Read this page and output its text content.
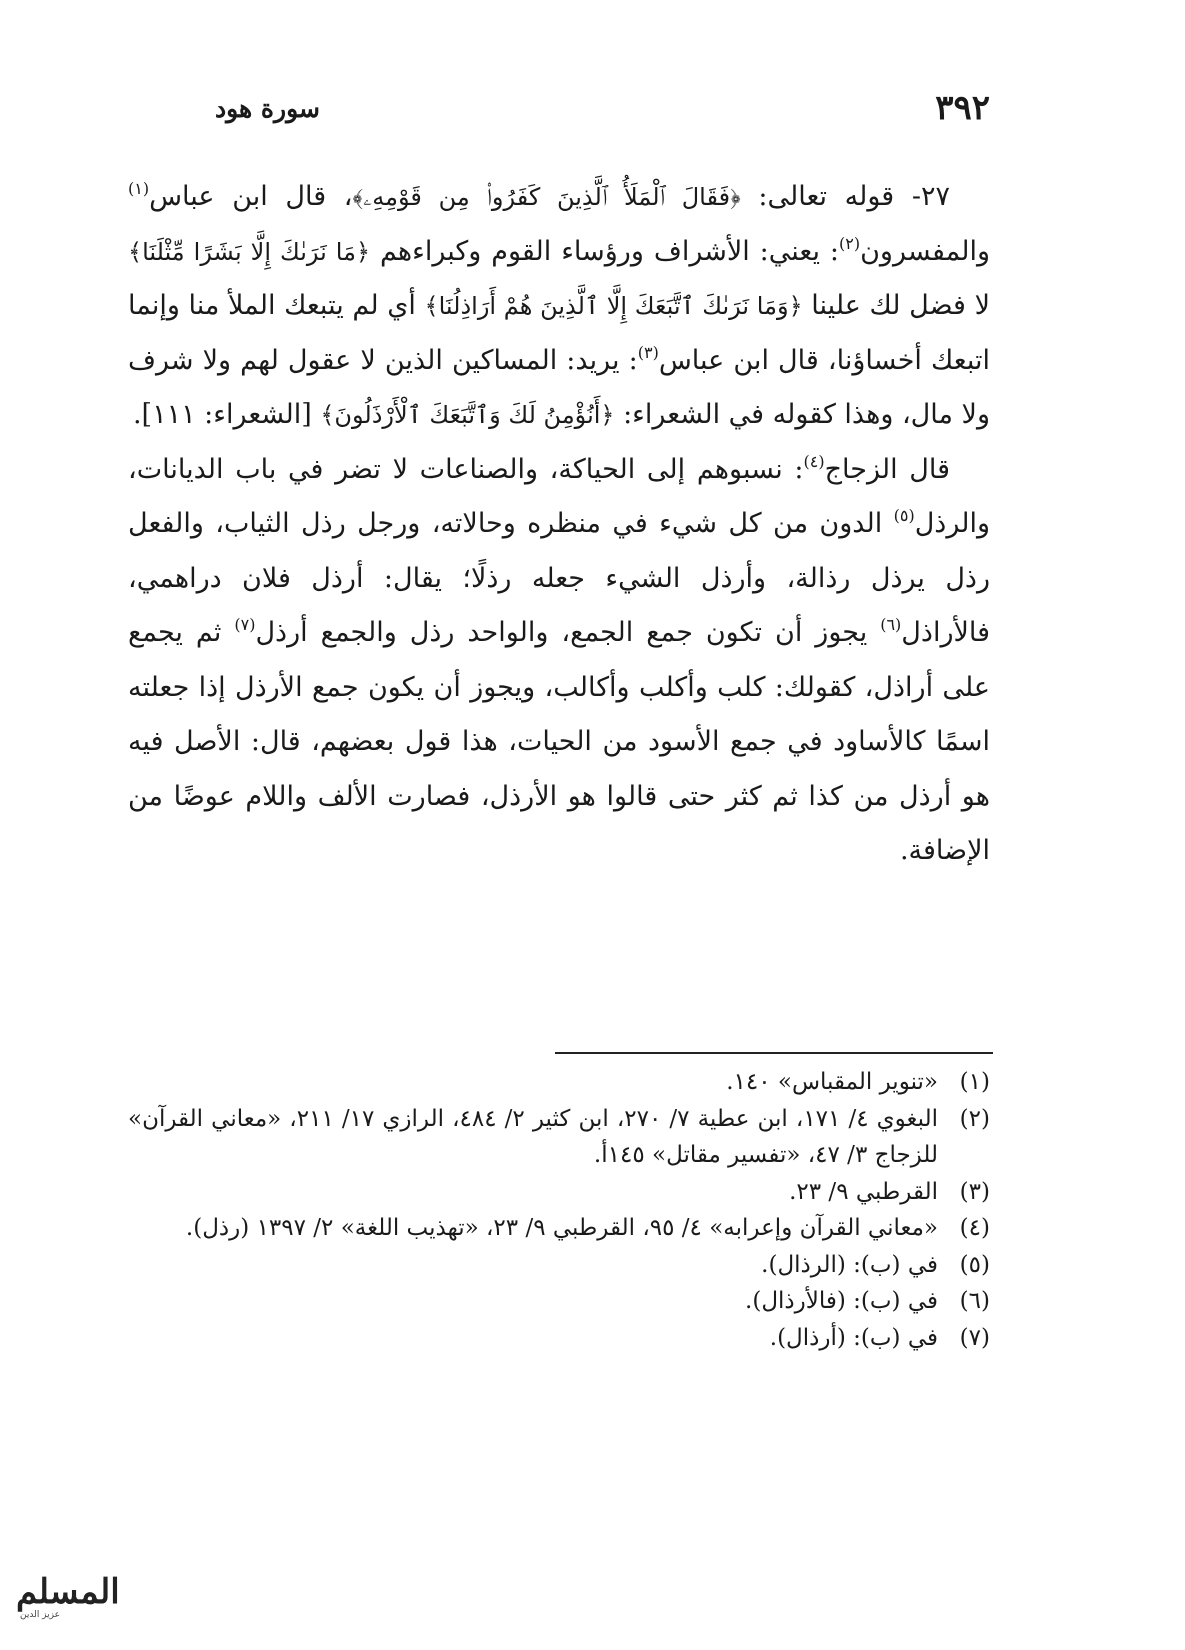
٣٩٢
سورة هود

٢٧- قوله تعالى: ﴿فَقَالَ ٱلْمَلَأُ ٱلَّذِينَ كَفَرُوا۟ مِن قَوْمِهِۦ﴾، قال ابن عباس$^{(١)}$ والمفسرون$^{(٢)}$: يعني: الأشراف ورؤساء القوم وكبراءهم ﴿مَا نَرَىٰكَ إِلَّا بَشَرًا مِّثْلَنَا﴾ لا فضل لك علينا ﴿وَمَا نَرَىٰكَ ٱتَّبَعَكَ إِلَّا ٱلَّذِينَ هُمْ أَرَاذِلُنَا﴾ أي لم يتبعك الملأ منا وإنما اتبعك أخساؤنا، قال ابن عباس$^{(٣)}$: يريد: المساكين الذين لا عقول لهم ولا شرف ولا مال، وهذا كقوله في الشعراء: ﴿أَنُؤْمِنُ لَكَ وَٱتَّبَعَكَ ٱلْأَرْذَلُونَ﴾ [الشعراء: ١١١].

قال الزجاج$^{(٤)}$: نسبوهم إلى الحياكة، والصناعات لا تضر في باب الديانات، والرذل$^{(٥)}$ الدون من كل شيء في منظره وحالاته، ورجل رذل الثياب، والفعل رذل يرذل رذالة، وأرذل الشيء جعله رذلًا؛ يقال: أرذل فلان دراهمي، فالأراذل$^{(٦)}$ يجوز أن تكون جمع الجمع، والواحد رذل والجمع أرذل$^{(٧)}$ ثم يجمع على أراذل، كقولك: كلب وأكلب وأكالب، ويجوز أن يكون جمع الأرذل إذا جعلته اسمًا كالأساود في جمع الأسود من الحيات، هذا قول بعضهم، قال: الأصل فيه هو أرذل من كذا ثم كثر حتى قالوا هو الأرذل، فصارت الألف واللام عوضًا من الإضافة.

(١)
«تنوير المقباس» ١٤٠.
(٢)
البغوي ٤/ ١٧١، ابن عطية ٧/ ٢٧٠، ابن كثير ٢/ ٤٨٤، الرازي ١٧/ ٢١١، «معاني القرآن» للزجاج ٣/ ٤٧، «تفسير مقاتل» ١٤٥أ.
(٣)
القرطبي ٩/ ٢٣.
(٤)
«معاني القرآن وإعرابه» ٤/ ٩٥، القرطبي ٩/ ٢٣، «تهذيب اللغة» ٢/ ١٣٩٧ (رذل).
(٥)
في (ب): (الرذال).
(٦)
في (ب): (فالأرذال).
(٧)
في (ب): (أرذال).
المسلم
عزيز الدين
